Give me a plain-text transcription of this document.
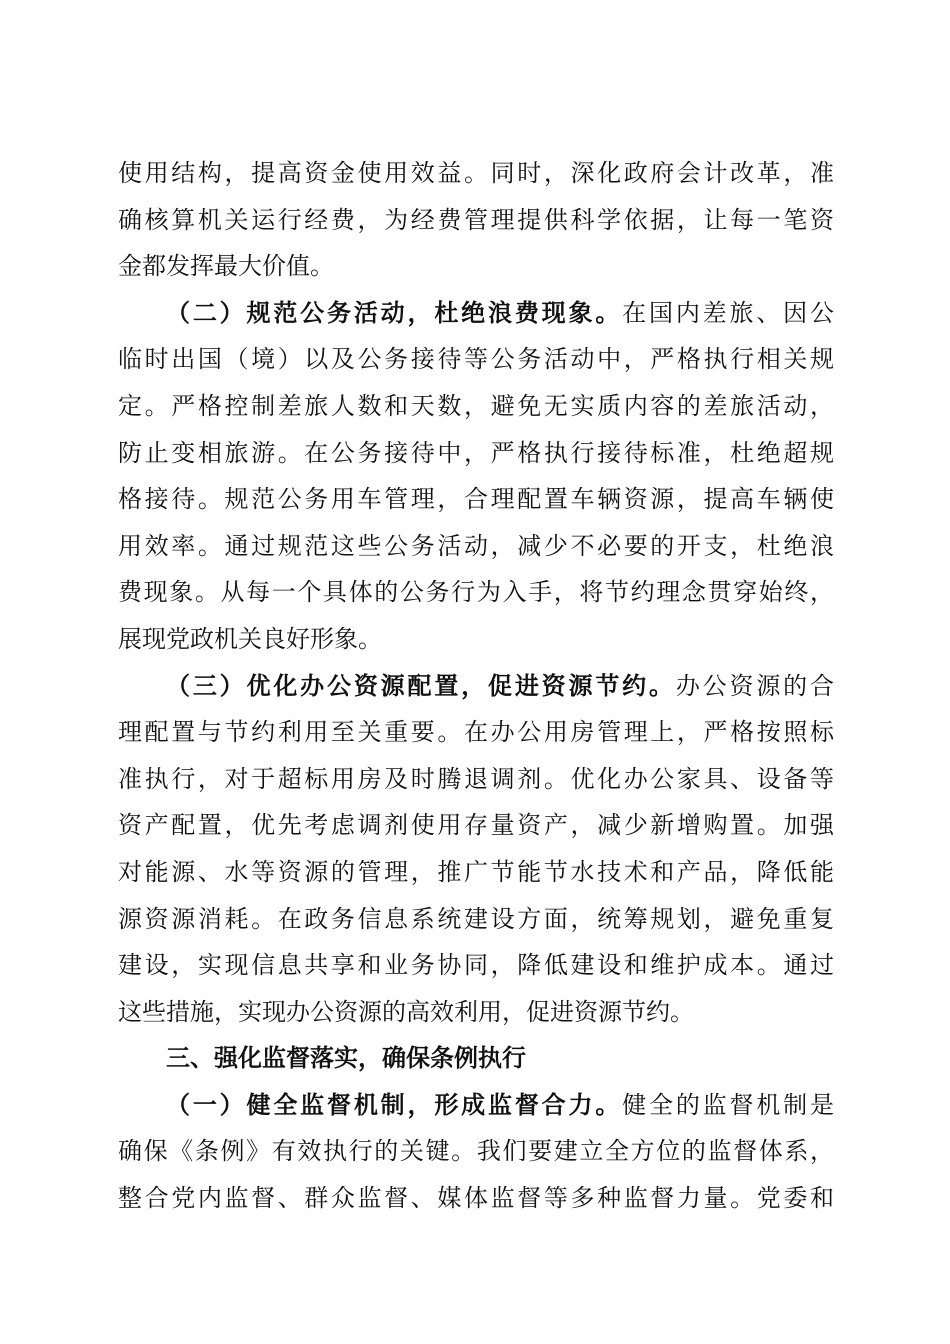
使用结构，提高资金使用效益。同时，深化政府会计改革，准
确核算机关运行经费，为经费管理提供科学依据，让每一笔资
金都发挥最大价值。
（二）规范公务活动，杜绝浪费现象。在国内差旅、因公
临时出国（境）以及公务接待等公务活动中，严格执行相关规
定。严格控制差旅人数和天数，避免无实质内容的差旅活动，
防止变相旅游。在公务接待中，严格执行接待标准，杜绝超规
格接待。规范公务用车管理，合理配置车辆资源，提高车辆使
用效率。通过规范这些公务活动，减少不必要的开支，杜绝浪
费现象。从每一个具体的公务行为入手，将节约理念贯穿始终，
展现党政机关良好形象。
（三）优化办公资源配置，促进资源节约。办公资源的合
理配置与节约利用至关重要。在办公用房管理上，严格按照标
准执行，对于超标用房及时腾退调剂。优化办公家具、设备等
资产配置，优先考虑调剂使用存量资产，减少新增购置。加强
对能源、水等资源的管理，推广节能节水技术和产品，降低能
源资源消耗。在政务信息系统建设方面，统筹规划，避免重复
建设，实现信息共享和业务协同，降低建设和维护成本。通过
这些措施，实现办公资源的高效利用，促进资源节约。
三、强化监督落实，确保条例执行
（一）健全监督机制，形成监督合力。健全的监督机制是
确保《条例》有效执行的关键。我们要建立全方位的监督体系，
整合党内监督、群众监督、媒体监督等多种监督力量。党委和
